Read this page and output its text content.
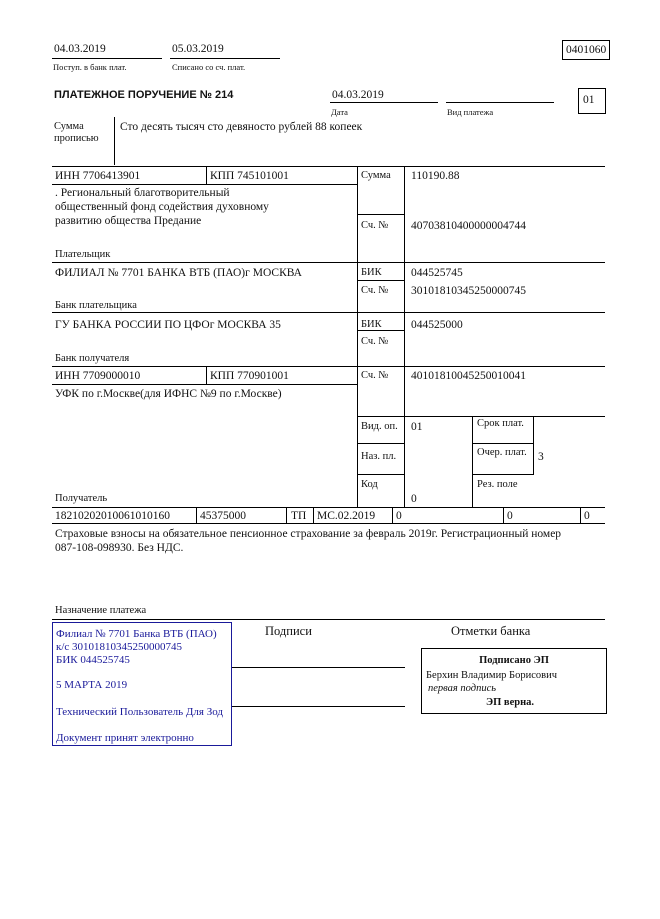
04.03.2019
Поступ. в банк плат.
05.03.2019
Списано со сч. плат.
0401060
ПЛАТЕЖНОЕ ПОРУЧЕНИЕ № 214	04.03.2019
Дата	Вид платежа
01
Сумма прописью
Сто десять тысяч сто девяносто рублей 88 копеек
ИНН 7706413901	КПП 745101001
. Региональный благотворительный общественный фонд содействия духовному развитию общества Предание
Плательщик
Сумма 110190.88
Сч. № 40703810400000004744
ФИЛИАЛ № 7701 БАНКА ВТБ (ПАО)г МОСКВА
Банк плательщика
БИК	044525745
Сч. № 30101810345250000745
ГУ БАНКА РОССИИ ПО ЦФОг МОСКВА 35
Банк получателя
БИК	044525000
Сч. №
ИНН 7709000010	КПП 770901001	Сч. № 40101810045250010041
УФК по г.Москве(для ИФНС №9 по г.Москве)
Получатель
Вид. оп. 01	Срок плат.
Наз. пл.	Очер. плат. 3
Код
0
Рез. поле
18210202010061010160	45375000	ТП МС.02.2019 0	0	0
Страховые взносы на обязательное пенсионное страхование за февраль 2019г. Регистрационный номер 087-108-098930. Без НДС.
Назначение платежа
Подписи	Отметки банка
Филиал № 7701 Банка ВТБ (ПАО)
к/с 30101810345250000745
БИК 044525745
5 МАРТА 2019
Технический Пользователь Для Зод
Документ принят электронно
Подписано ЭП
Берхин Владимир Борисович
первая подпись
ЭП верна.
